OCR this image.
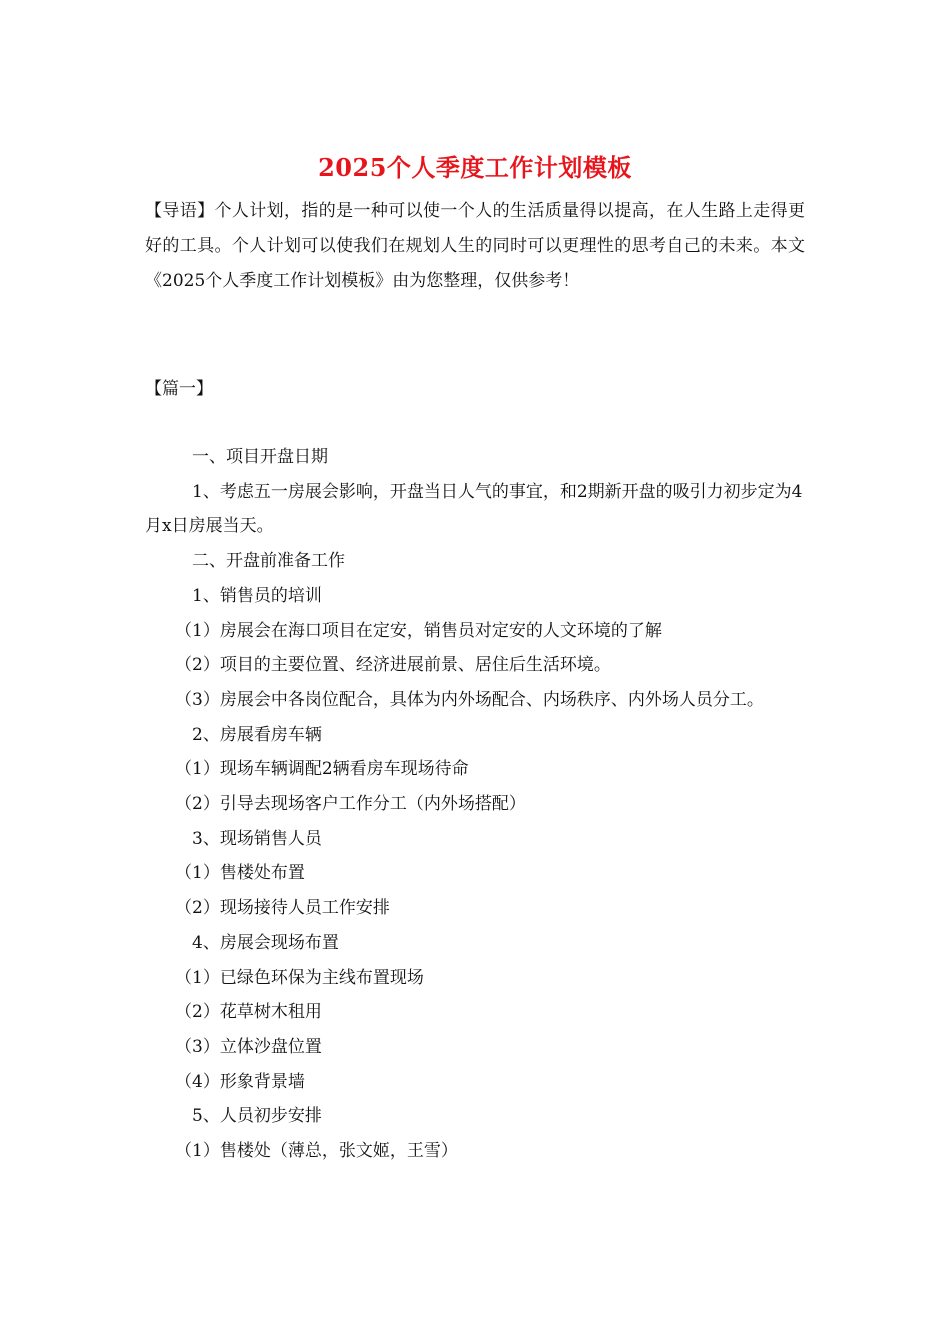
2025个人季度工作计划模板

【导语】个人计划，指的是一种可以使一个人的生活质量得以提高，在人生路上走得更好的工具。个人计划可以使我们在规划人生的同时可以更理性的思考自己的未来。本文《2025个人季度工作计划模板》由为您整理，仅供参考！

【篇一】

一、项目开盘日期
1、考虑五一房展会影响，开盘当日人气的事宜，和2期新开盘的吸引力初步定为4月x日房展当天。
二、开盘前准备工作
1、销售员的培训
（1）房展会在海口项目在定安，销售员对定安的人文环境的了解
（2）项目的主要位置、经济进展前景、居住后生活环境。
（3）房展会中各岗位配合，具体为内外场配合、内场秩序、内外场人员分工。
2、房展看房车辆
（1）现场车辆调配2辆看房车现场待命
（2）引导去现场客户工作分工（内外场搭配）
3、现场销售人员
（1）售楼处布置
（2）现场接待人员工作安排
4、房展会现场布置
（1）已绿色环保为主线布置现场
（2）花草树木租用
（3）立体沙盘位置
（4）形象背景墙
5、人员初步安排
（1）售楼处（薄总，张文姬，王雪）
